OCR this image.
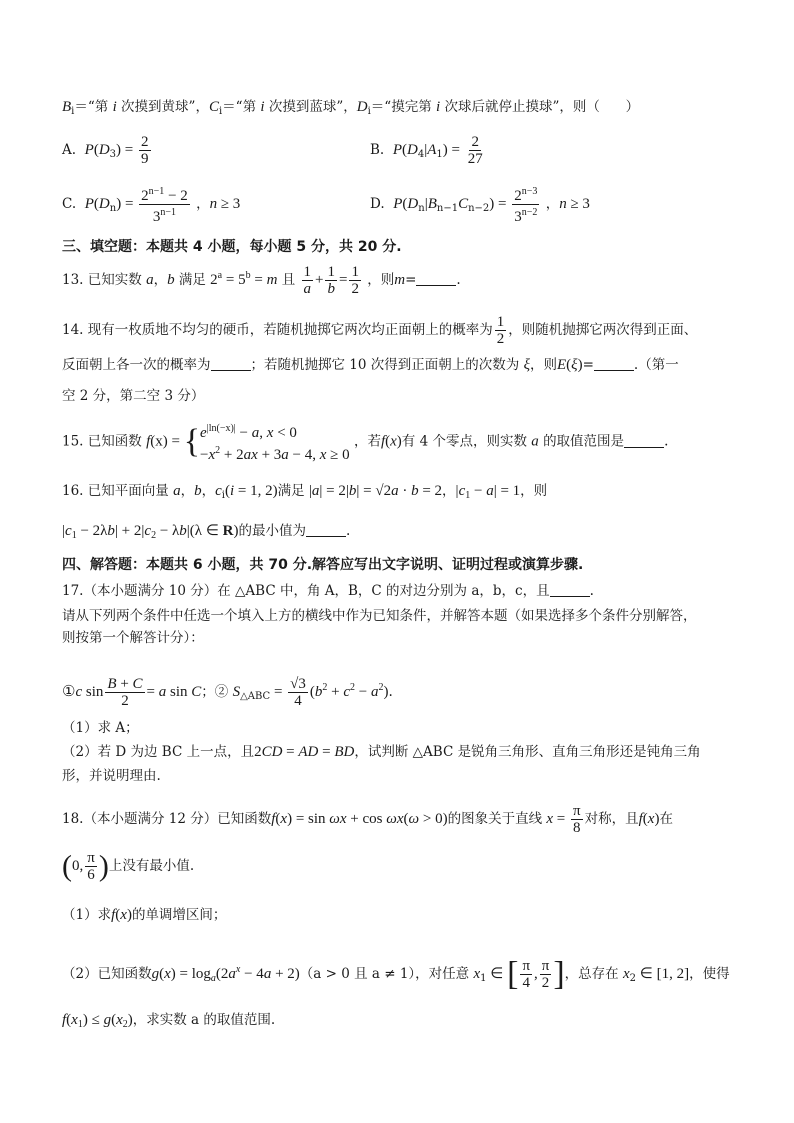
$B_i=“$第 i 次摸到黄球”，$C_i=“$第 i 次摸到蓝球”，$D_i=“$摸完第 i 次球后就停止摸球”，则（      ）
A. $P(D_3) = \frac{2}{9}$	B. $P(D_4|A_1) = \frac{2}{27}$
C. $P(D_n) = \frac{2^{n-1} - 2}{3^{n-1}}$ ，n ≥ 3	D. $P(D_n|B_{n-1}C_{n-2}) = \frac{2^{n-3}}{3^{n-2}}$ ，n ≥ 3
三、填空题：本题共 4 小题，每小题 5 分，共 20 分.
13. 已知实数 a，b 满足 $2^a = 5^b = m$ 且 $\frac{1}{a} + \frac{1}{b} = \frac{1}{2}$ ，则m=	.
14. 现有一枚质地不均匀的硬币，若随机抛掷它两次均正面朝上的概率为 $\frac{1}{2}$ ，则随机抛掷它两次得到正面、
反面朝上各一次的概率为	；若随机抛掷它 10 次得到正面朝上的次数为 ξ，则E(ξ)=	.（第一
空 2 分，第二空 3 分）
15. 已知函数 f(x) = { $e^{|ln(-x)|} - a$, x < 0
$-x^2 + 2ax + 3a - 4$, x ≥ 0
，若f(x)有 4 个零点，则实数 a 的取值范围是	.
16. 已知平面向量 a，b，$c_i(i = 1$, 2)满足 |a| = 2|b| = √2a · b = 2，$|c_1 - a| = 1$，则
$|c_1 - 2\lambda b| + 2|c_2 - \lambda b|(\lambda$ ∈ R)的最小值为	.
四、解答题：本题共 6 小题，共 70 分.解答应写出文字说明、证明过程或演算步骤.
17.（本小题满分 10 分）在 △ABC 中，角 A，B，C 的对边分别为 a，b，c，且	.
请从下列两个条件中任选一个填入上方的横线中作为已知条件，并解答本题（如果选择多个条件分别解答，
则按第一个解答计分）：
①c $\sin \frac{B + C}{2} = a$ sin C；② $S_{\triangle ABC} = \frac{√3}{4} (b^2 + c^2 - a^2)$.
（1）求 A；
（2）若 D 为边 BC 上一点，且2CD = AD = BD，试判断 △ABC 是锐角三角形、直角三角形还是钝角三角
形，并说明理由.
18.（本小题满分 12 分）已知函数f(x) = sin ωx + cos ωx(ω > 0)的图象关于直线 $x = \frac{\pi}{8}$ 对称，且f(x)在
(0, $\frac{\pi}{6}$ )上没有最小值.
（1）求f(x)的单调增区间；
（2）已知函数$g(x) = \log_a(2a^x - 4a + 2)(a > 0$ 且 a ≠ 1），对任意 $x_1$ ∈ [ $\frac{\pi}{4}$ , $\frac{\pi}{2}$ ]，总存在 $x_2$ ∈ [1, 2]，使得
$f(x_1) \le g(x_2)$，求实数 a 的取值范围.
